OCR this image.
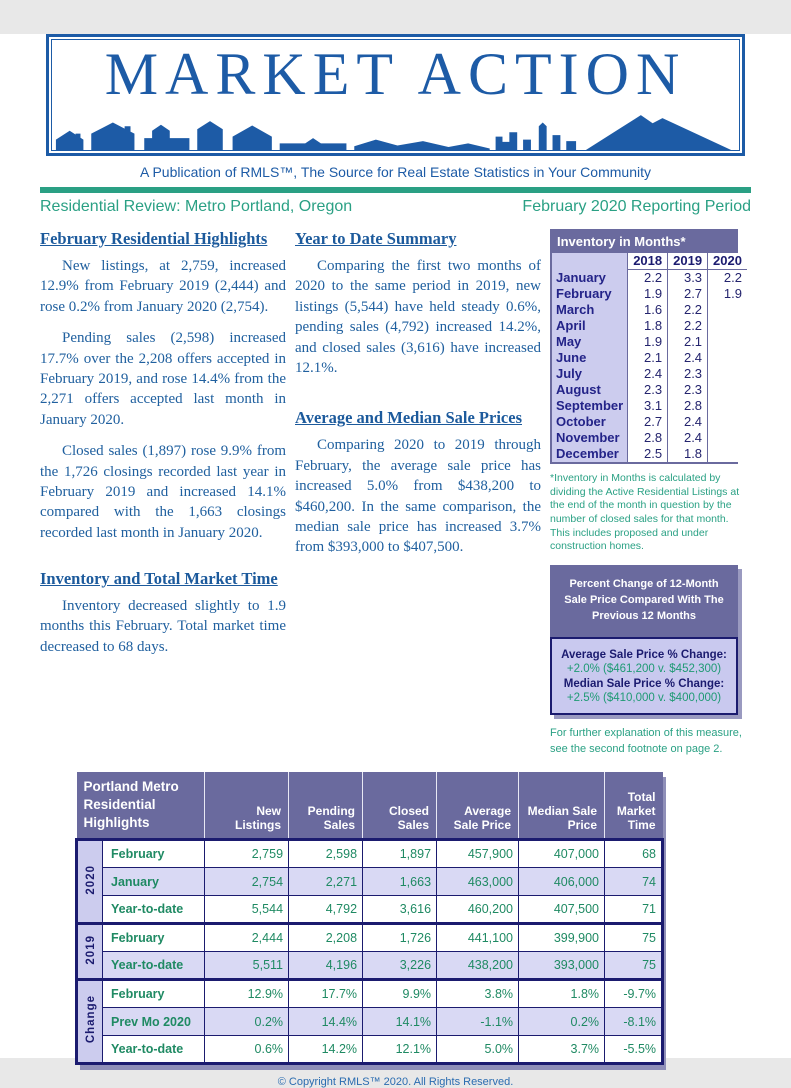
MARKET ACTION
A Publication of RMLS™, The Source for Real Estate Statistics in Your Community
Residential Review: Metro Portland, Oregon	February 2020 Reporting Period
February Residential Highlights

New listings, at 2,759, increased 12.9% from February 2019 (2,444) and rose 0.2% from January 2020 (2,754).

Pending sales (2,598) increased 17.7% over the 2,208 offers accepted in February 2019, and rose 14.4% from the 2,271 offers accepted last month in January 2020.

Closed sales (1,897) rose 9.9% from the 1,726 closings recorded last year in February 2019 and increased 14.1% compared with the 1,663 closings recorded last month in January 2020.

Inventory and Total Market Time

Inventory decreased slightly to 1.9 months this February. Total market time decreased to 68 days.

Year to Date Summary

Comparing the first two months of 2020 to the same period in 2019, new listings (5,544) have held steady 0.6%, pending sales (4,792) increased 14.2%, and closed sales (3,616) have increased 12.1%.

Average and Median Sale Prices

Comparing 2020 to 2019 through February, the average sale price has increased 5.0% from $438,200 to $460,200. In the same comparison, the median sale price has increased 3.7% from $393,000 to $407,500.

Inventory in Months*
	2018	2019	2020
January	2.2	3.3	2.2
February	1.9	2.7	1.9
March	1.6	2.2	
April	1.8	2.2	
May	1.9	2.1	
June	2.1	2.4	
July	2.4	2.3	
August	2.3	2.3	
September	3.1	2.8	
October	2.7	2.4	
November	2.8	2.4	
December	2.5	1.8	

*Inventory in Months is calculated by dividing the Active Residential Listings at the end of the month in question by the number of closed sales for that month. This includes proposed and under construction homes.

Percent Change of 12-Month Sale Price Compared With The Previous 12 Months
Average Sale Price % Change:
+2.0% ($461,200 v. $452,300)
Median Sale Price % Change:
+2.5% ($410,000 v. $400,000)

For further explanation of this measure, see the second footnote on page 2.

Portland Metro Residential Highlights		New Listings	Pending Sales	Closed Sales	Average Sale Price	Median Sale Price	Total Market Time
2020	February	2,759	2,598	1,897	457,900	407,000	68
	January	2,754	2,271	1,663	463,000	406,000	74
	Year-to-date	5,544	4,792	3,616	460,200	407,500	71
2019	February	2,444	2,208	1,726	441,100	399,900	75
	Year-to-date	5,511	4,196	3,226	438,200	393,000	75
Change	February	12.9%	17.7%	9.9%	3.8%	1.8%	-9.7%
	Prev Mo 2020	0.2%	14.4%	14.1%	-1.1%	0.2%	-8.1%
	Year-to-date	0.6%	14.2%	12.1%	5.0%	3.7%	-5.5%
© Copyright RMLS™ 2020. All Rights Reserved.
